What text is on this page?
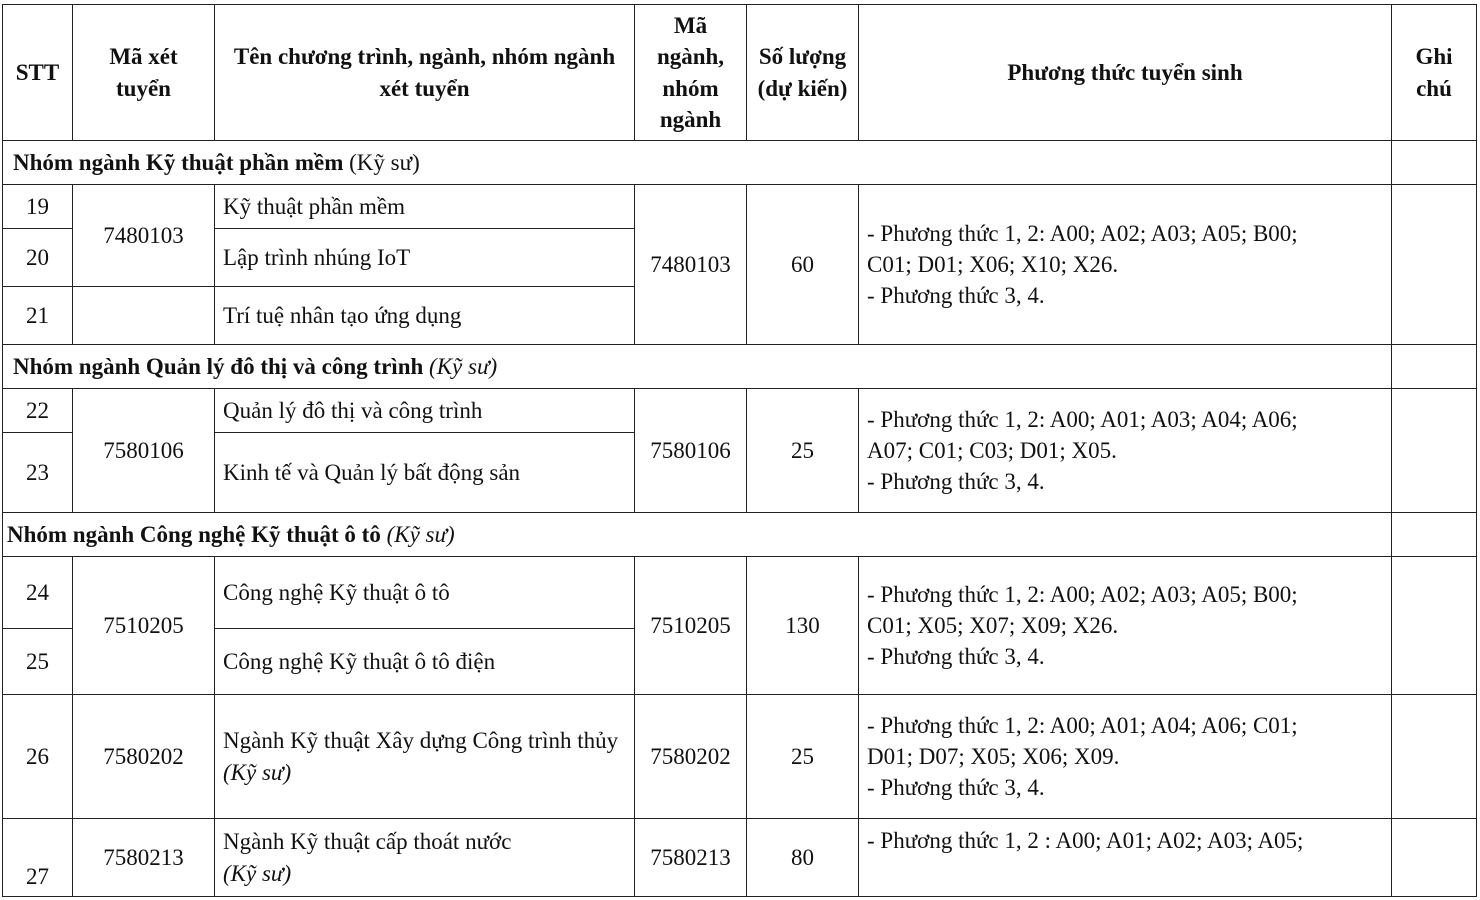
STT	Mã xét tuyển	Tên chương trình, ngành, nhóm ngành xét tuyển	Mã ngành, nhóm ngành	Số lượng (dự kiến)	Phương thức tuyển sinh	Ghi chú
Nhóm ngành Kỹ thuật phần mềm (Kỹ sư)						
19	7480103	Kỹ thuật phần mềm	7480103	60	- Phương thức 1, 2: A00; A02; A03; A05; B00;
C01; D01; X06; X10; X26.
- Phương thức 3, 4.	

20		Lập trình nhúng IoT				
21		Trí tuệ nhân tạo ứng dụng				
Nhóm ngành Quản lý đô thị và công trình (Kỹ sư)						
22	7580106	Quản lý đô thị và công trình	7580106	25	- Phương thức 1, 2: A00; A01; A03; A04; A06;
A07; C01; C03; D01; X05.
- Phương thức 3, 4.	

23		Kinh tế và Quản lý bất động sản				
Nhóm ngành Công nghệ Kỹ thuật ô tô (Kỹ sư)						
24	7510205	Công nghệ Kỹ thuật ô tô	7510205	130	- Phương thức 1, 2: A00; A02; A03; A05; B00;
C01; X05; X07; X09; X26.
- Phương thức 3, 4.	

25		Công nghệ Kỹ thuật ô tô điện				
26	7580202	Ngành Kỹ thuật Xây dựng Công trình thủy (Kỹ sư)	7580202	25	- Phương thức 1, 2: A00; A01; A04; A06; C01;
D01; D07; X05; X06; X09.
- Phương thức 3, 4.	

27	7580213	Ngành Kỹ thuật cấp thoát nước
(Kỹ sư)	7580213	80	- Phương thức 1, 2 : A00; A01; A02; A03; A05;	
